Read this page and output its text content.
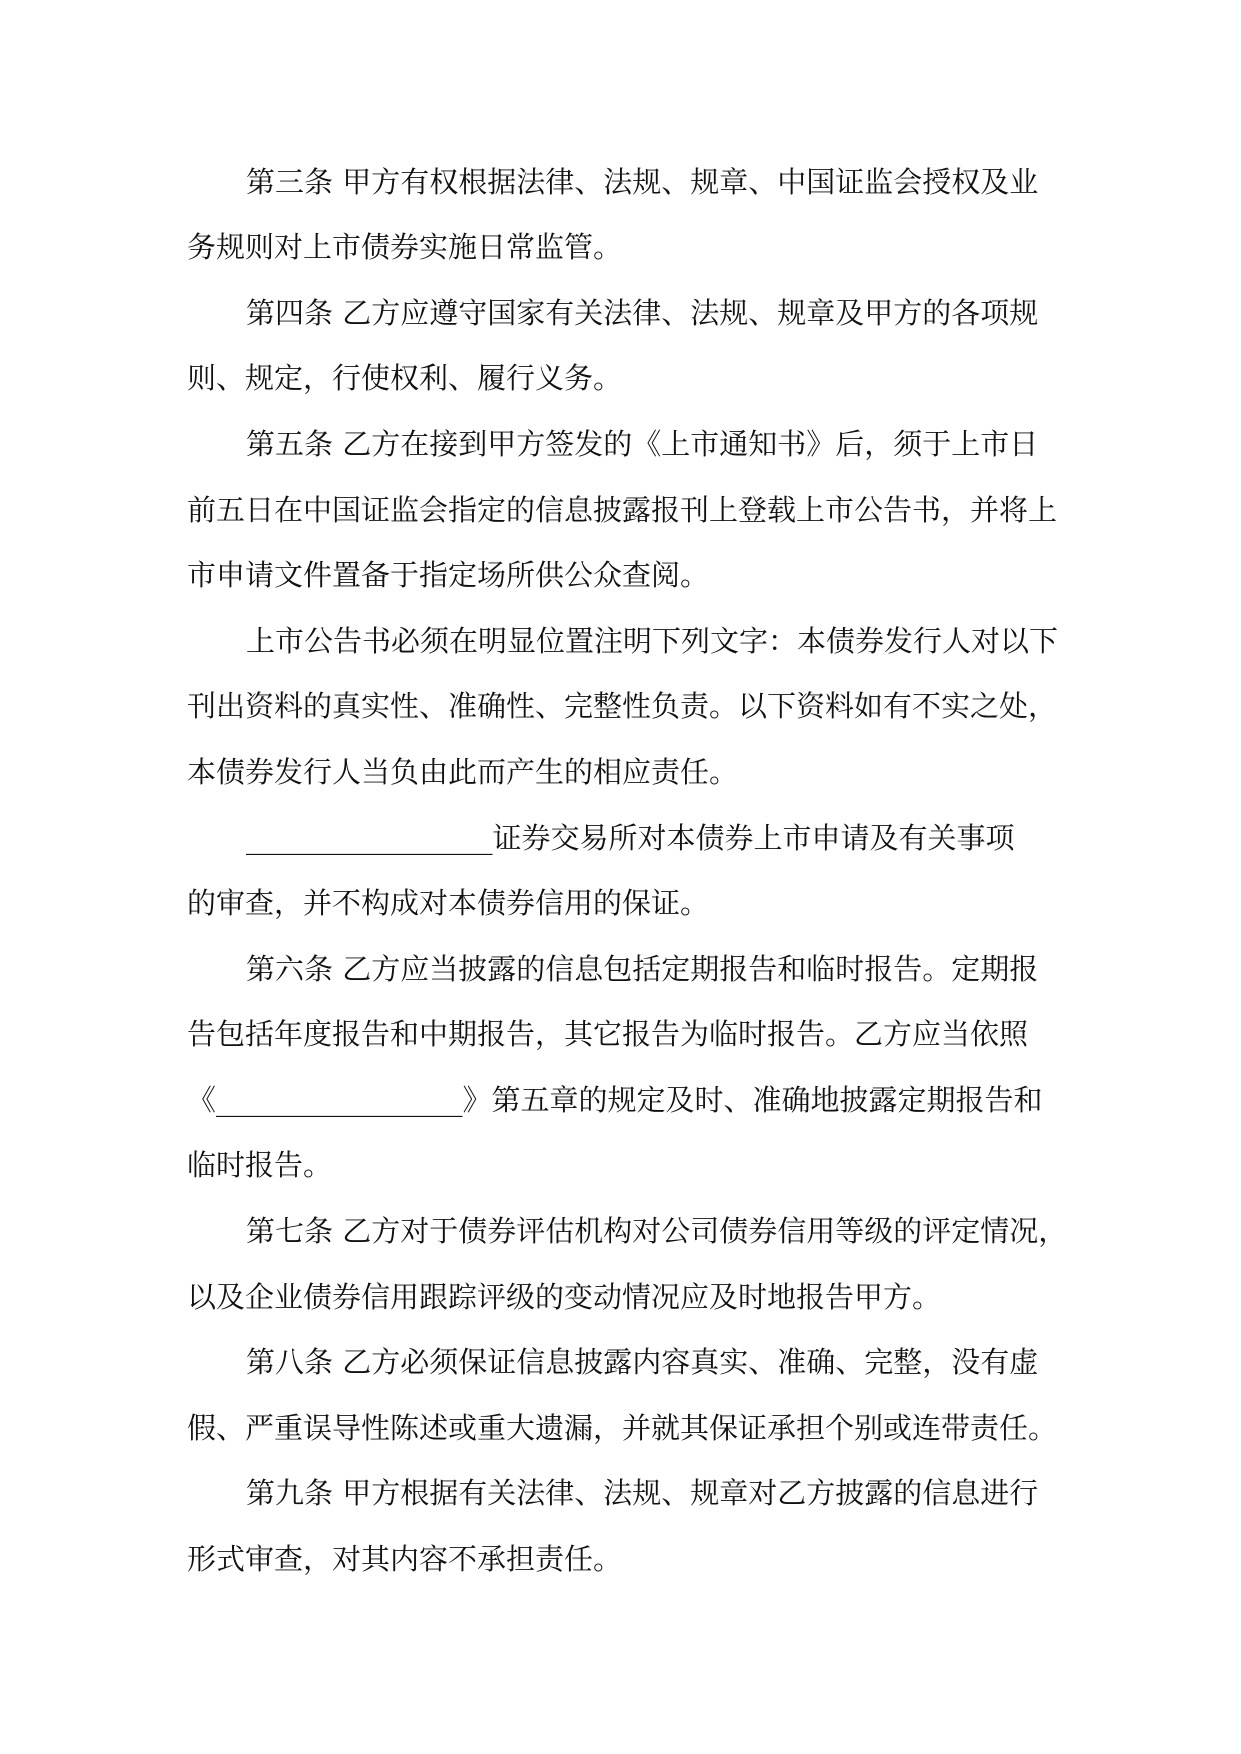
第三条 甲方有权根据法律、法规、规章、中国证监会授权及业
务规则对上市债券实施日常监管。
第四条 乙方应遵守国家有关法律、法规、规章及甲方的各项规
则、规定，行使权利、履行义务。
第五条 乙方在接到甲方签发的《上市通知书》后，须于上市日
前五日在中国证监会指定的信息披露报刊上登载上市公告书，并将上
市申请文件置备于指定场所供公众查阅。
上市公告书必须在明显位置注明下列文字：本债券发行人对以下
刊出资料的真实性、准确性、完整性负责。以下资料如有不实之处，
本债券发行人当负由此而产生的相应责任。
_________________证券交易所对本债券上市申请及有关事项
的审查，并不构成对本债券信用的保证。
第六条 乙方应当披露的信息包括定期报告和临时报告。定期报
告包括年度报告和中期报告，其它报告为临时报告。乙方应当依照
《_________________》第五章的规定及时、准确地披露定期报告和
临时报告。
第七条 乙方对于债券评估机构对公司债券信用等级的评定情况，
以及企业债券信用跟踪评级的变动情况应及时地报告甲方。
第八条 乙方必须保证信息披露内容真实、准确、完整，没有虚
假、严重误导性陈述或重大遗漏，并就其保证承担个别或连带责任。
第九条 甲方根据有关法律、法规、规章对乙方披露的信息进行
形式审查，对其内容不承担责任。
